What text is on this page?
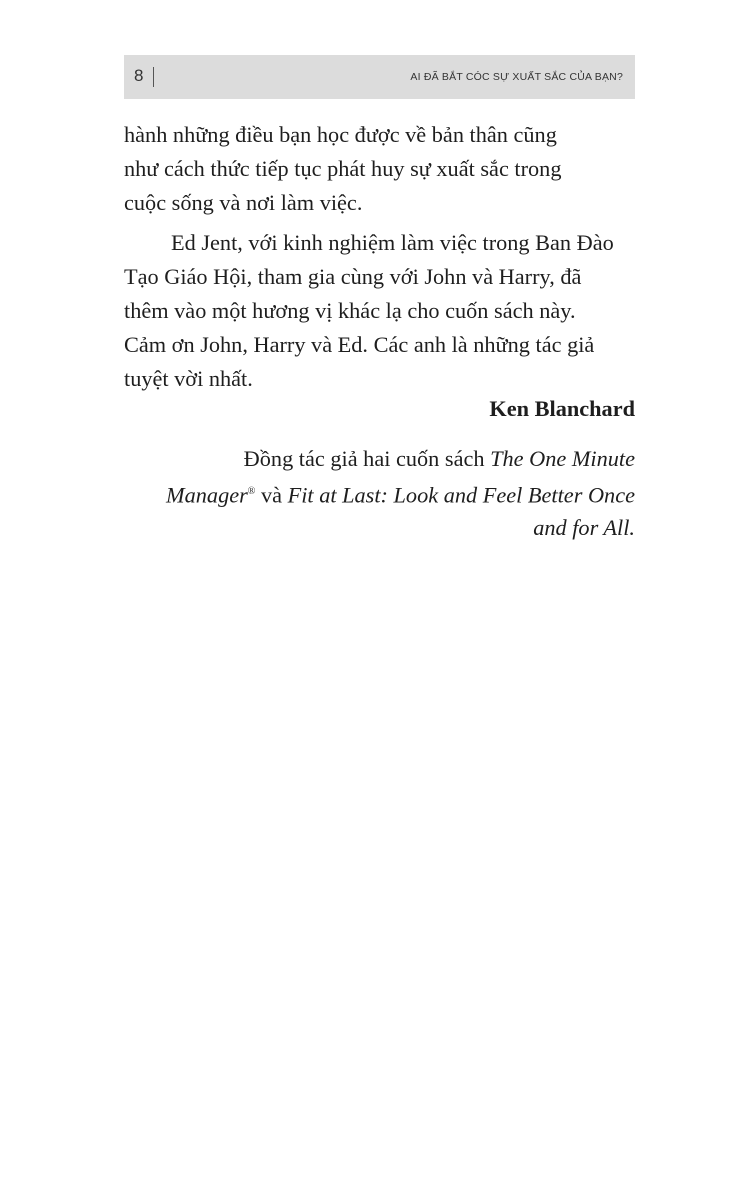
8	AI ĐÃ BẮT CÓC SỰ XUẤT SẮC CỦA BẠN?

hành những điều bạn học được về bản thân cũng

như cách thức tiếp tục phát huy sự xuất sắc trong

cuộc sống và nơi làm việc.

Ed Jent, với kinh nghiệm làm việc trong Ban Đào

Tạo Giáo Hội, tham gia cùng với John và Harry, đã

thêm vào một hương vị khác lạ cho cuốn sách này.

Cảm ơn John, Harry và Ed. Các anh là những tác giả

tuyệt vời nhất.

Ken Blanchard
Đồng tác giả hai cuốn sách The One Minute
Manager® và Fit at Last: Look and Feel Better Once
and for All.
